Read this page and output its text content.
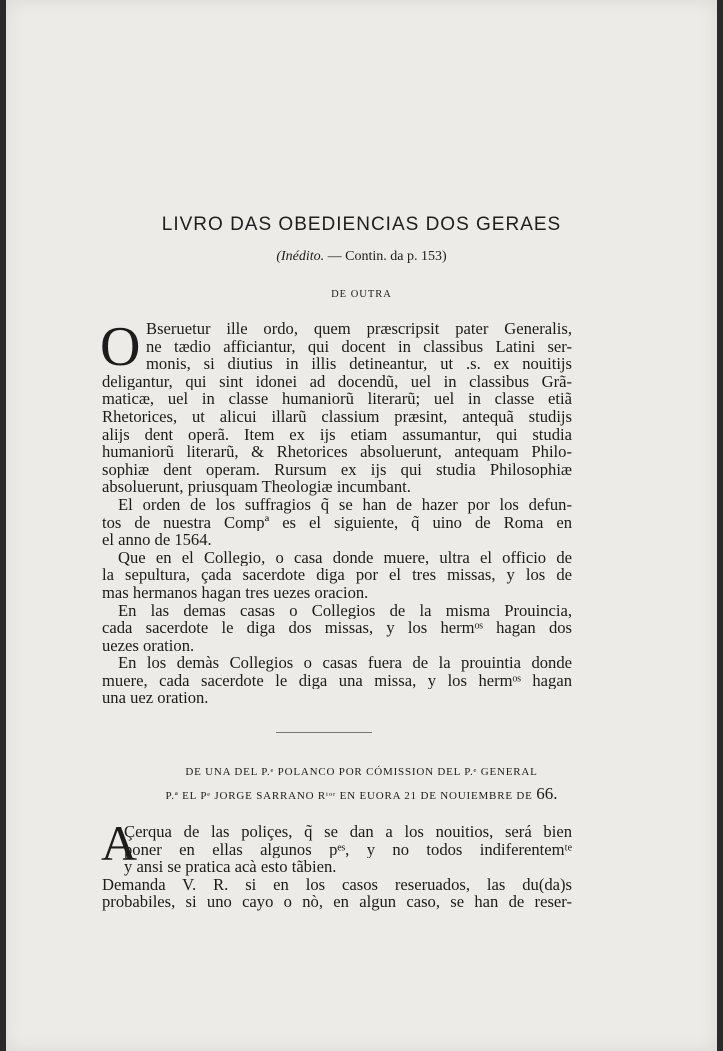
LIVRO DAS OBEDIENCIAS DOS GERAES
(Inédito. — Contin. da p. 153)
DE OUTRA
O Bseruetur ille ordo, quem præscripsit pater Generalis,
ne tædio afficiantur, qui docent in classibus Latini ser-
monis, si diutius in illis detineantur, ut .s. ex nouitijs
deligantur, qui sint idonei ad docendũ, uel in classibus Grã-
maticæ, uel in classe humaniorũ literarũ; uel in classe etiã
Rhetorices, ut alicui illarũ classium præsint, antequã studijs
alijs dent operã. Item ex ijs etiam assumantur, qui studia
humaniorũ literarũ, & Rhetorices absoluerunt, antequam Philo-
sophiæ dent operam. Rursum ex ijs qui studia Philosophiæ
absoluerunt, priusquam Theologiæ incumbant.
El orden de los suffragios q̃ se han de hazer por los defun-
tos de nuestra Compª es el siguiente, q̃ uino de Roma en
el anno de 1564.
Que en el Collegio, o casa donde muere, ultra el officio de
la sepultura, çada sacerdote diga por el tres missas, y los de
mas hermanos hagan tres uezes oracion.
En las demas casas o Collegios de la misma Prouincia,
cada sacerdote le diga dos missas, y los hermᵒˢ hagan dos
uezes oration.
En los demàs Collegios o casas fuera de la prouintia donde
muere, cada sacerdote le diga una missa, y los hermᵒˢ hagan
una uez oration.
DE UNA DEL P.ᵉ POLANCO POR CÓMISSION DEL P.ᵉ GENERAL
P.ª EL Pᵉ JORGE SARRANO Rᵗᵒʳ EN EUORA 21 DE NOUIEMBRE DE 66.
A
Çerqua de las poliçes, q̃ se dan a los nouitios, será bien
poner en ellas algunos pᵉˢ, y no todos indiferentemᵗᵉ
y ansi se pratica acà esto tãbien.
Demanda V. R. si en los casos reseruados, las du(da)s
probabiles, si uno cayo o nò, en algun caso, se han de reser-
